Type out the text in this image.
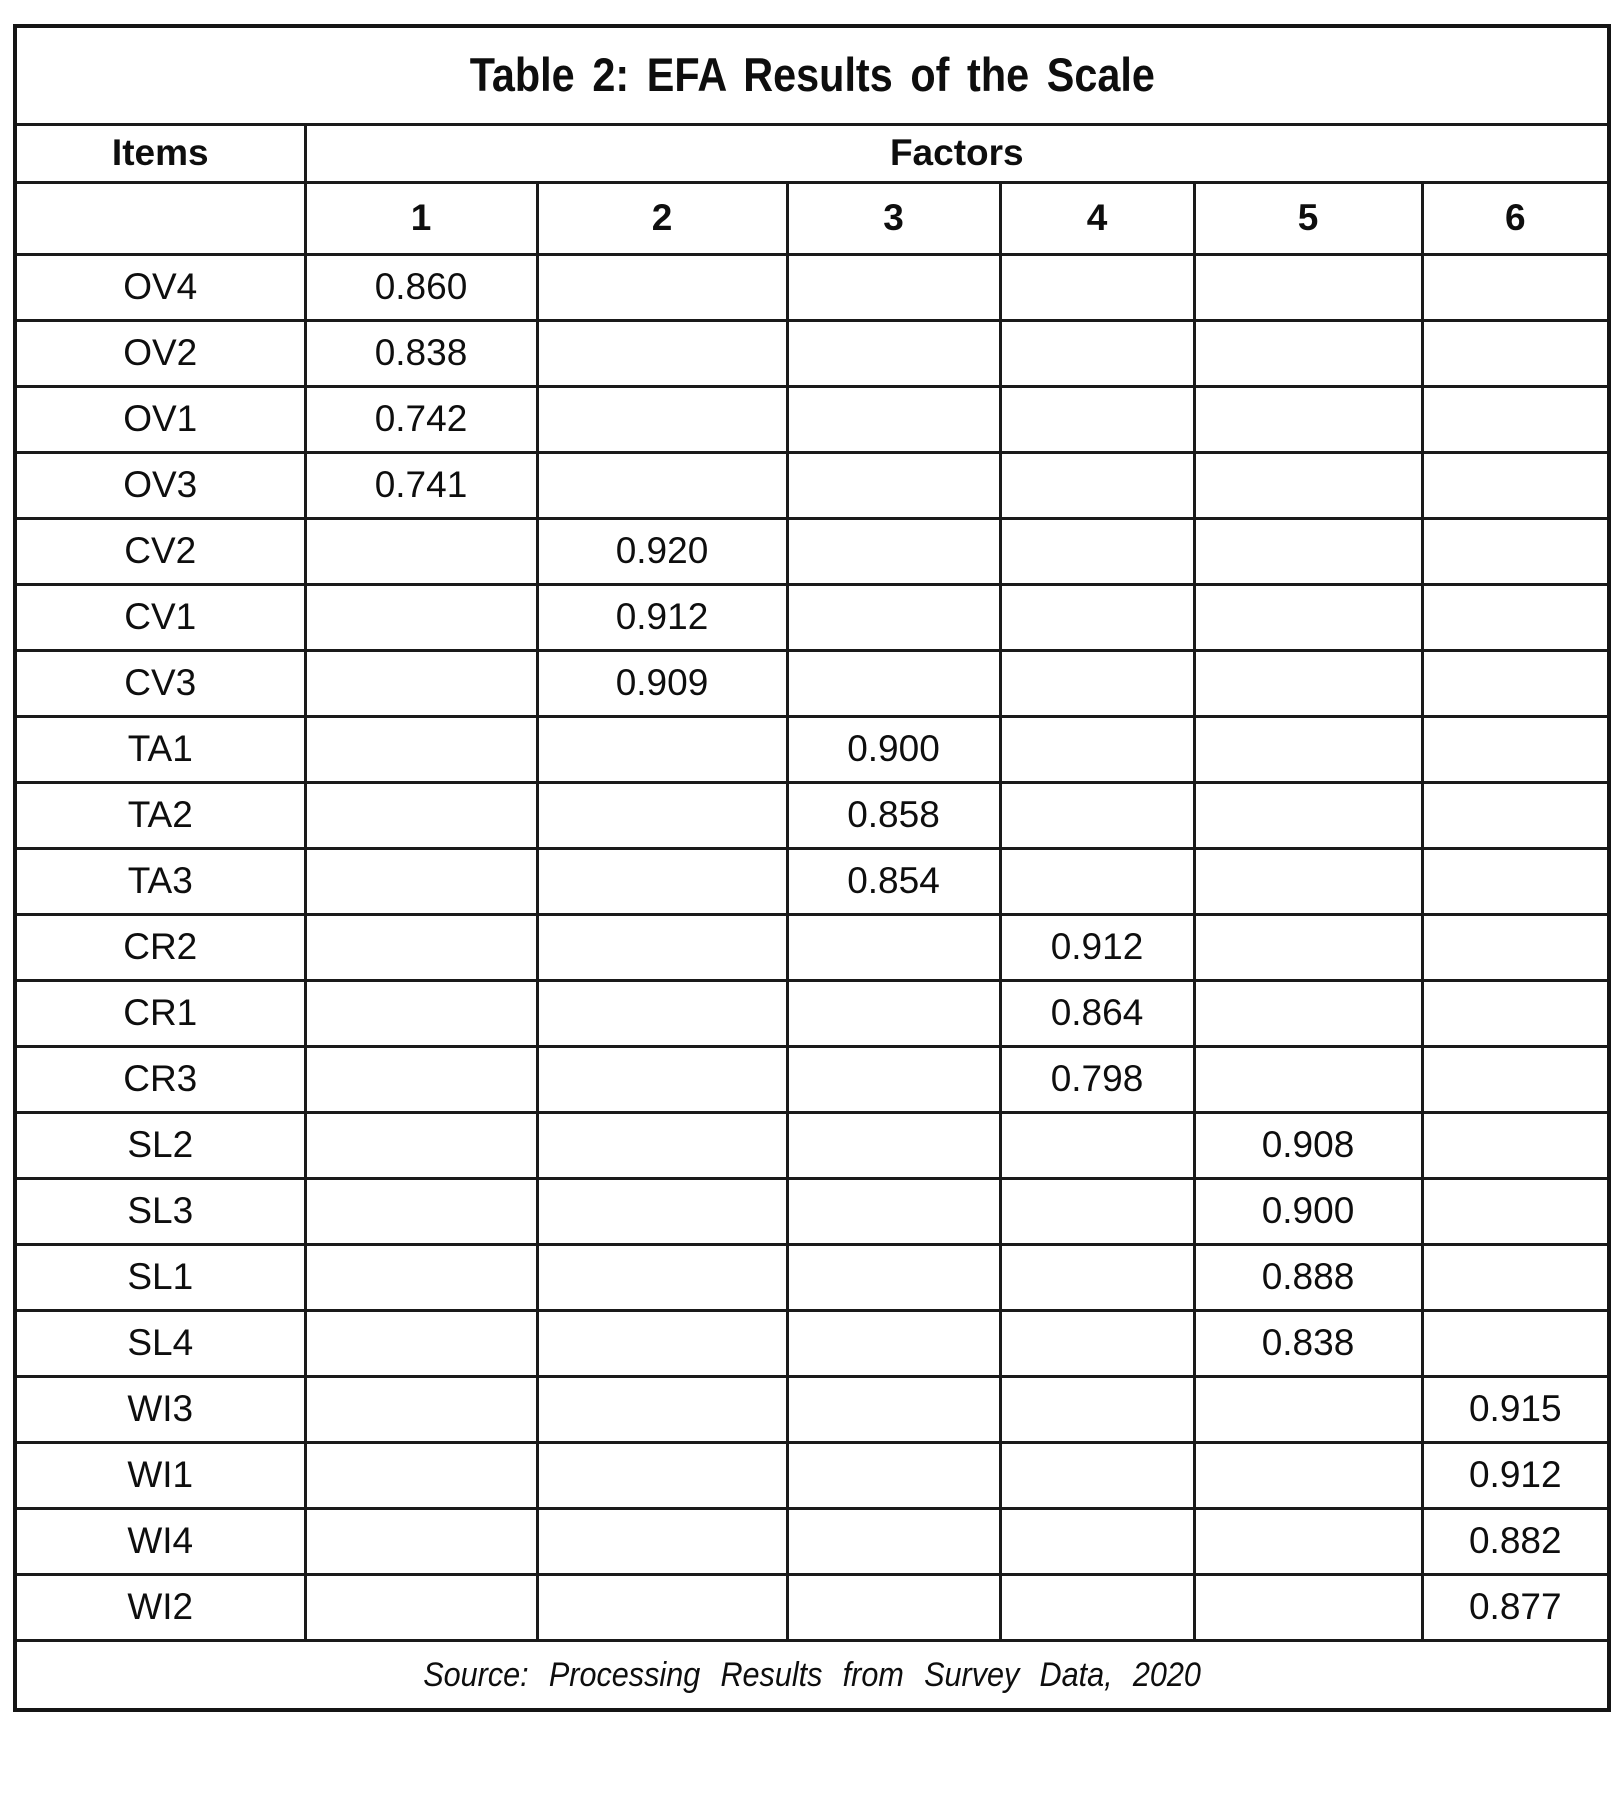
Table 2: EFA Results of the Scale						
Items	Factors					
	1	2	3	4	5	6
OV4	0.860					
OV2	0.838					
OV1	0.742					
OV3	0.741					
CV2		0.920				
CV1		0.912				
CV3		0.909				
TA1			0.900			
TA2			0.858			
TA3			0.854			
CR2				0.912		
CR1				0.864		
CR3				0.798		
SL2					0.908	
SL3					0.900	
SL1					0.888	
SL4					0.838	
WI3						0.915
WI1						0.912
WI4						0.882
WI2						0.877
Source: Processing Results from Survey Data, 2020						
